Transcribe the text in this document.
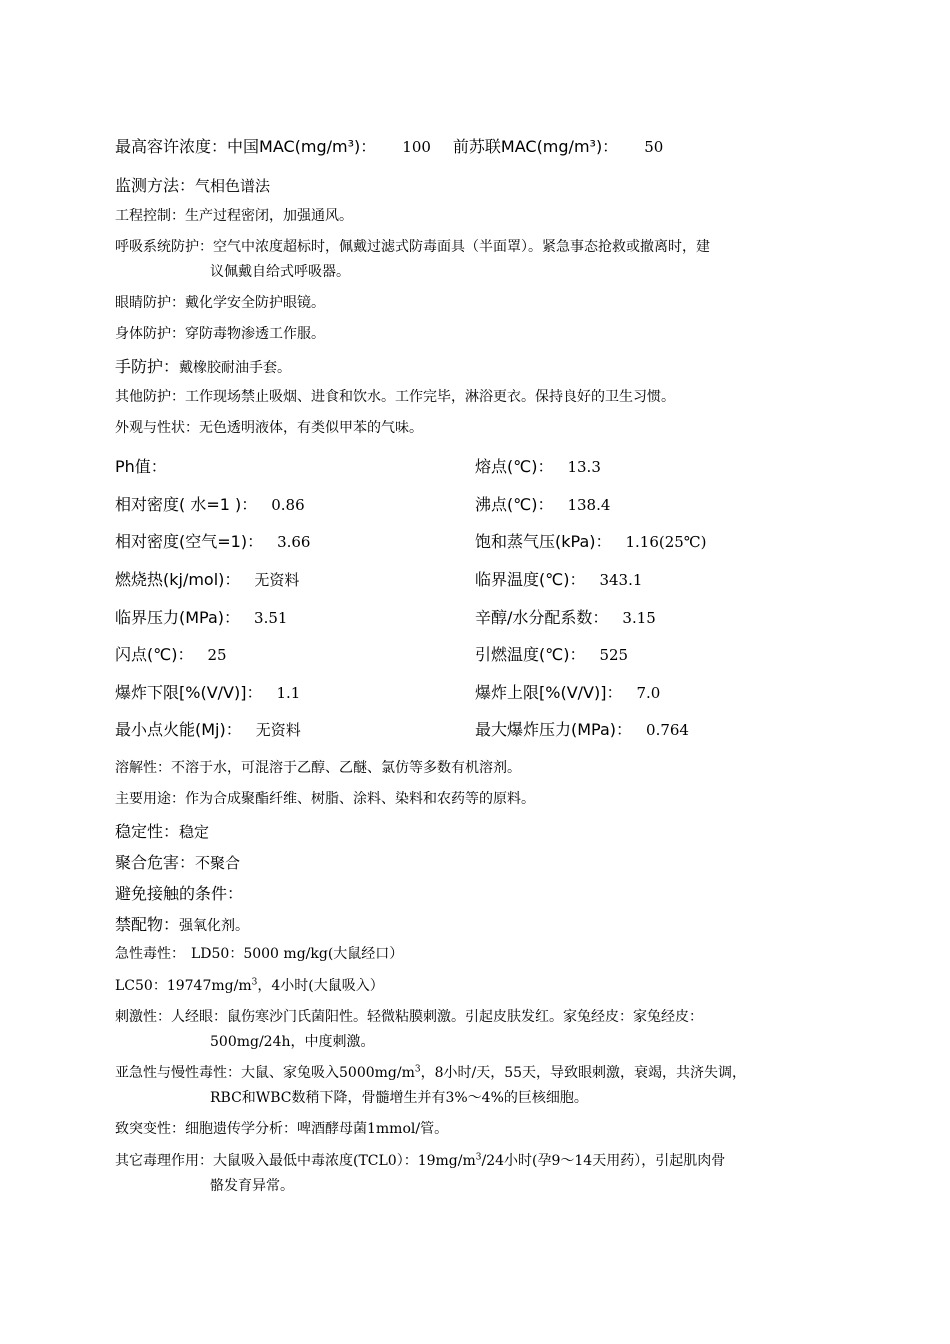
最高容许浓度：中国MAC(mg/m³)： 100 前苏联MAC(mg/m³)： 50
监测方法：气相色谱法
工程控制：生产过程密闭，加强通风。
呼吸系统防护：空气中浓度超标时，佩戴过滤式防毒面具（半面罩）。紧急事态抢救或撤离时，建
议佩戴自给式呼吸器。
眼睛防护：戴化学安全防护眼镜。
身体防护：穿防毒物渗透工作服。
手防护：戴橡胶耐油手套。
其他防护：工作现场禁止吸烟、进食和饮水。工作完毕，淋浴更衣。保持良好的卫生习惯。
外观与性状：无色透明液体，有类似甲苯的气味。
Ph值：	熔点(℃)： 13.3
相对密度( 水=1 )： 0.86	沸点(℃)： 138.4
相对密度(空气=1)： 3.66	饱和蒸气压(kPa)： 1.16(25℃)
燃烧热(kj/mol)： 无资料	临界温度(℃)： 343.1
临界压力(MPa)： 3.51	辛醇/水分配系数： 3.15
闪点(℃)： 25	引燃温度(℃)： 525
爆炸下限[%(V/V)]： 1.1	爆炸上限[%(V/V)]： 7.0
最小点火能(Mj)： 无资料	最大爆炸压力(MPa)： 0.764
溶解性：不溶于水，可混溶于乙醇、乙醚、氯仿等多数有机溶剂。
主要用途：作为合成聚酯纤维、树脂、涂料、染料和农药等的原料。
稳定性：稳定
聚合危害：不聚合
避免接触的条件：
禁配物：强氧化剂。
急性毒性： LD50：5000 mg/kg(大鼠经口）
LC50：$19747mg/m^3$，4小时(大鼠吸入）
刺激性：人经眼：鼠伤寒沙门氏菌阳性。轻微粘膜刺激。引起皮肤发红。家兔经皮：家兔经皮：
500mg/24h，中度刺激。
亚急性与慢性毒性：大鼠、家兔吸入$5000mg/m^3$，8小时/天，55天，导致眼刺激，衰竭，共济失调，
RBC和WBC数稍下降，骨髓增生并有3%～4%的巨核细胞。
致突变性：细胞遗传学分析：啤酒酵母菌1mmol/管。
其它毒理作用：大鼠吸入最低中毒浓度(TCL0）：$19mg/m^3/24$小时(孕9～14天用药），引起肌肉骨
骼发育异常。
